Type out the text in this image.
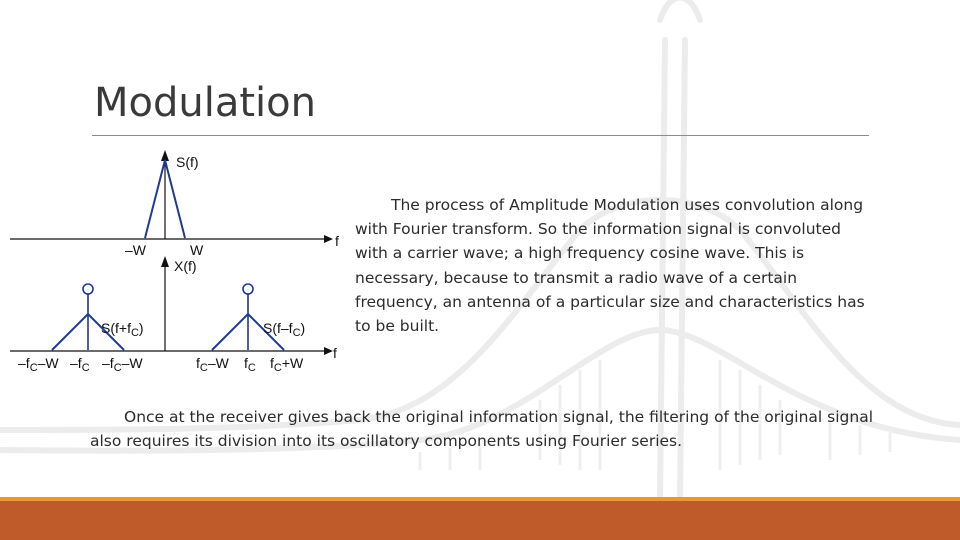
Modulation
S(f)
f
–W	W
X(f)
f
$S(f+f_C)$	$S(f-f_C)$
$-f_C-W$ $-f_C$ $-f_C-W$	$f_C-W$ $f_C$ $f_C+W$

The process of Amplitude Modulation uses convolution along with Fourier transform. So the information signal is convoluted with a carrier wave; a high frequency cosine wave. This is necessary, because to transmit a radio wave of a certain frequency, an antenna of a particular size and characteristics has to be built.

Once at the receiver gives back the original information signal, the filtering of the original signal also requires its division into its oscillatory components using Fourier series.
